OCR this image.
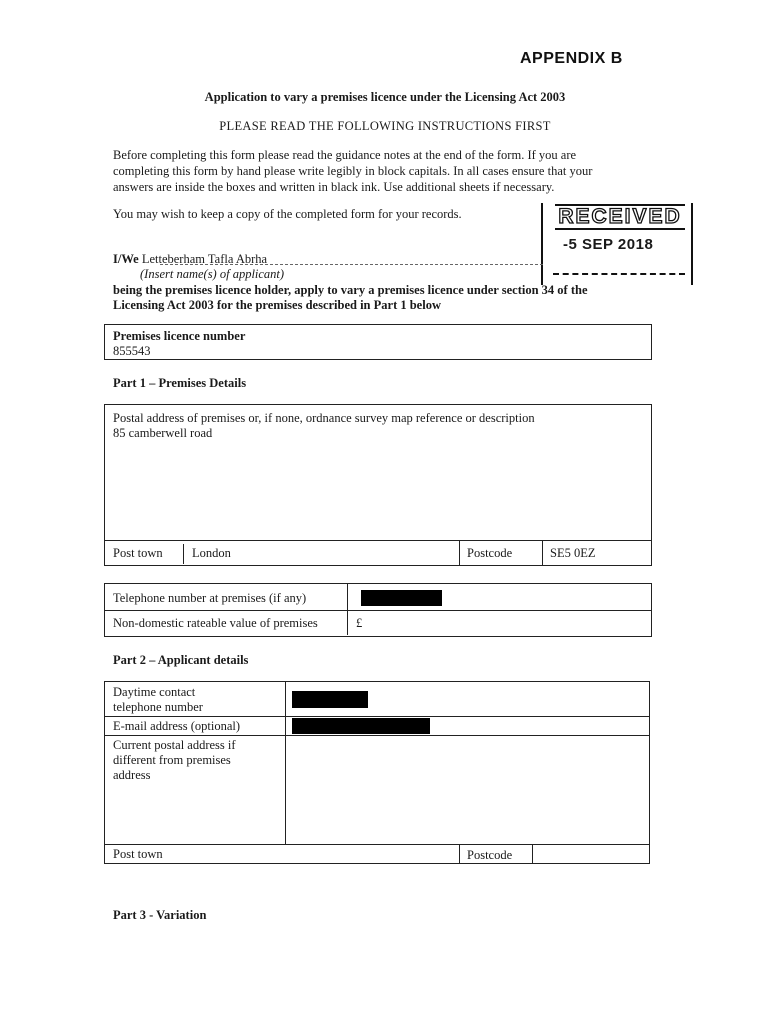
APPENDIX B
Application to vary a premises licence under the Licensing Act 2003
PLEASE READ THE FOLLOWING INSTRUCTIONS FIRST
Before completing this form please read the guidance notes at the end of the form. If you are
completing this form by hand please write legibly in block capitals. In all cases ensure that your
answers are inside the boxes and written in black ink. Use additional sheets if necessary.
You may wish to keep a copy of the completed form for your records.	RECEIVED
-5 SEP 2018
I/We Letteberham Tafla Abrha
(Insert name(s) of applicant)
being the premises licence holder, apply to vary a premises licence under section 34 of the
Licensing Act 2003 for the premises described in Part 1 below
Premises licence number
855543
Part 1 – Premises Details
Postal address of premises or, if none, ordnance survey map reference or description
85 camberwell road
Post town London	Postcode	SE5 0EZ
Telephone number at premises (if any)
Non-domestic rateable value of premises	£
Part 2 – Applicant details
Daytime contact
telephone number
E-mail address (optional)
Current postal address if
different from premises
address
Post town	Postcode
Part 3 - Variation
